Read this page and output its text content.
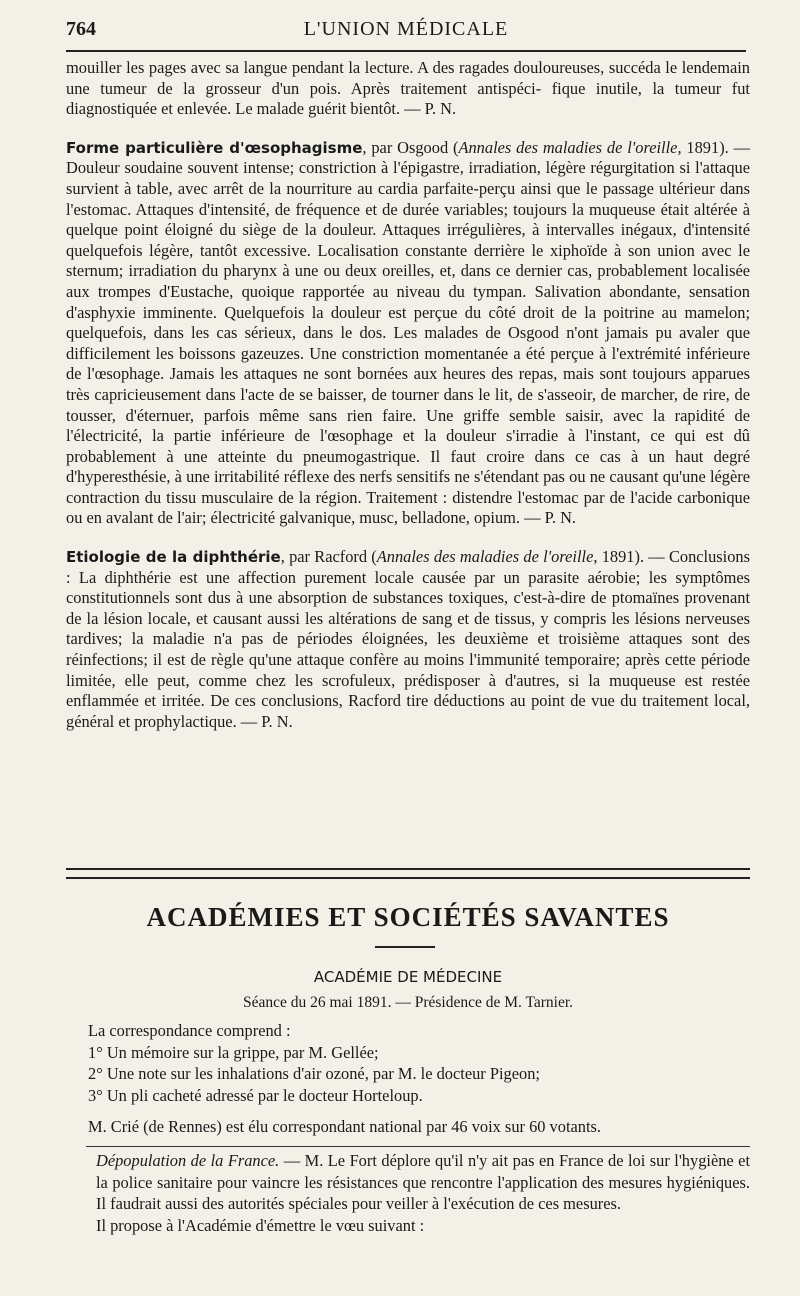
764	L'UNION MÉDICALE

mouiller les pages avec sa langue pendant la lecture. A des ragades douloureuses, succéda le lendemain une tumeur de la grosseur d'un pois. Après traitement antispéci- fique inutile, la tumeur fut diagnostiquée et enlevée. Le malade guérit bientôt. — P. N.

Forme particulière d'œsophagisme, par Osgood (Annales des maladies de l'oreille, 1891). — Douleur soudaine souvent intense; constriction à l'épigastre, irradiation, légère régurgitation si l'attaque survient à table, avec arrêt de la nourriture au cardia parfaite-perçu ainsi que le passage ultérieur dans l'estomac. Attaques d'intensité, de fréquence et de durée variables; toujours la muqueuse était altérée à quelque point éloigné du siège de la douleur. Attaques irrégulières, à intervalles inégaux, d'intensité quelquefois légère, tantôt excessive. Localisation constante derrière le xiphoïde à son union avec le sternum; irradiation du pharynx à une ou deux oreilles, et, dans ce dernier cas, probablement localisée aux trompes d'Eustache, quoique rapportée au niveau du tympan. Salivation abondante, sensation d'asphyxie imminente. Quelquefois la douleur est perçue du côté droit de la poitrine au mamelon; quelquefois, dans les cas sérieux, dans le dos. Les malades de Osgood n'ont jamais pu avaler que difficilement les boissons gazeuzes. Une constriction momentanée a été perçue à l'extrémité inférieure de l'œsophage. Jamais les attaques ne sont bornées aux heures des repas, mais sont toujours apparues très capricieusement dans l'acte de se baisser, de tourner dans le lit, de s'asseoir, de marcher, de rire, de tousser, d'éternuer, parfois même sans rien faire. Une griffe semble saisir, avec la rapidité de l'électricité, la partie inférieure de l'œsophage et la douleur s'irradie à l'instant, ce qui est dû probablement à une atteinte du pneumogastrique. Il faut croire dans ce cas à un haut degré d'hyperesthésie, à une irritabilité réflexe des nerfs sensitifs ne s'étendant pas ou ne causant qu'une légère contraction du tissu musculaire de la région. Traitement : distendre l'estomac par de l'acide carbonique ou en avalant de l'air; électricité galvanique, musc, belladone, opium. — P. N.

Etiologie de la diphthérie, par Racford (Annales des maladies de l'oreille, 1891). — Conclusions : La diphthérie est une affection purement locale causée par un parasite aérobie; les symptômes constitutionnels sont dus à une absorption de substances toxiques, c'est-à-dire de ptomaïnes provenant de la lésion locale, et causant aussi les altérations de sang et de tissus, y compris les lésions nerveuses tardives; la maladie n'a pas de périodes éloignées, les deuxième et troisième attaques sont des réinfections; il est de règle qu'une attaque confère au moins l'immunité temporaire; après cette période limitée, elle peut, comme chez les scrofuleux, prédisposer à d'autres, si la muqueuse est restée enflammée et irritée. De ces conclusions, Racford tire déductions au point de vue du traitement local, général et prophylactique. — P. N.

ACADÉMIES ET SOCIÉTÉS SAVANTES
ACADÉMIE DE MÉDECINE
Séance du 26 mai 1891. — Présidence de M. Tarnier.
La correspondance comprend :
1° Un mémoire sur la grippe, par M. Gellée;
2° Une note sur les inhalations d'air ozoné, par M. le docteur Pigeon;
3° Un pli cacheté adressé par le docteur Horteloup.
M. Crié (de Rennes) est élu correspondant national par 46 voix sur 60 votants.

Dépopulation de la France. — M. Le Fort déplore qu'il n'y ait pas en France de loi sur l'hygiène et la police sanitaire pour vaincre les résistances que rencontre l'application des mesures hygiéniques. Il faudrait aussi des autorités spéciales pour veiller à l'exécution de ces mesures.

Il propose à l'Académie d'émettre le vœu suivant :
